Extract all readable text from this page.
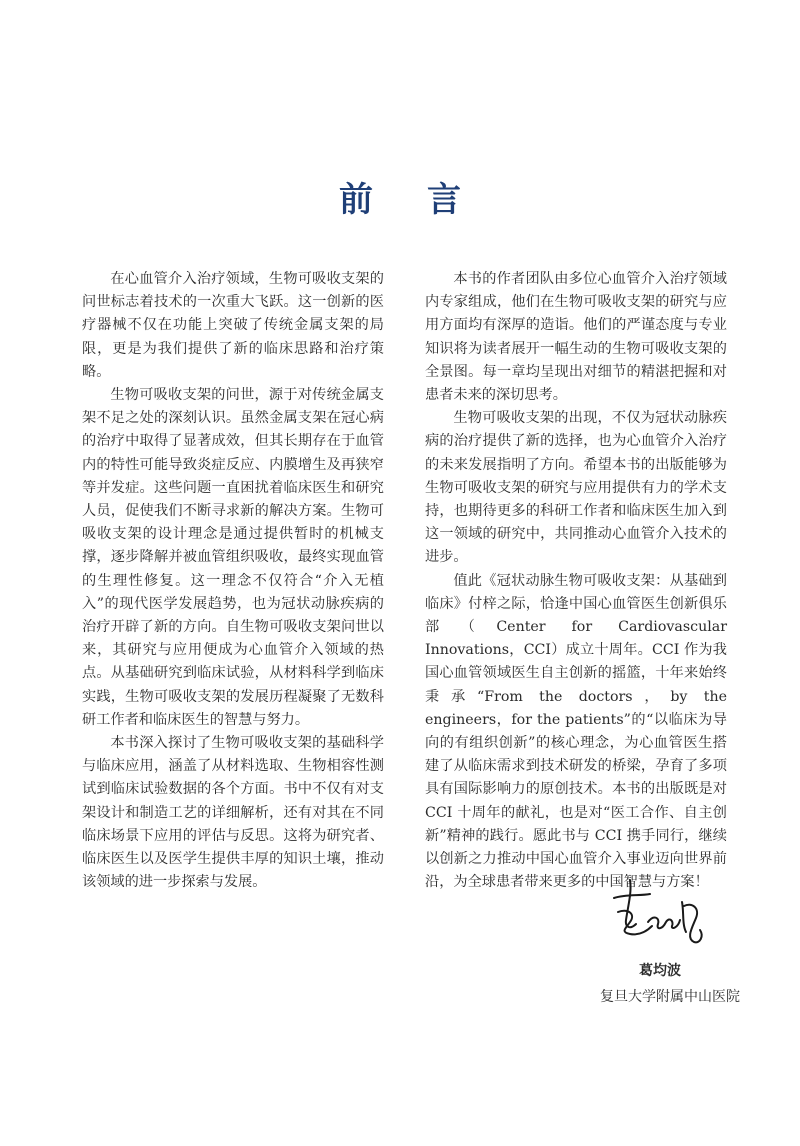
前 言

在心血管介入治疗领域，生物可吸收支架的问世标志着技术的一次重大飞跃。这一创新的医疗器械不仅在功能上突破了传统金属支架的局限，更是为我们提供了新的临床思路和治疗策略。

生物可吸收支架的问世，源于对传统金属支架不足之处的深刻认识。虽然金属支架在冠心病的治疗中取得了显著成效，但其长期存在于血管内的特性可能导致炎症反应、内膜增生及再狭窄等并发症。这些问题一直困扰着临床医生和研究人员，促使我们不断寻求新的解决方案。生物可吸收支架的设计理念是通过提供暂时的机械支撑，逐步降解并被血管组织吸收，最终实现血管的生理性修复。这一理念不仅符合“介入无植入”的现代医学发展趋势，也为冠状动脉疾病的治疗开辟了新的方向。自生物可吸收支架问世以来，其研究与应用便成为心血管介入领域的热点。从基础研究到临床试验，从材料科学到临床实践，生物可吸收支架的发展历程凝聚了无数科研工作者和临床医生的智慧与努力。

本书深入探讨了生物可吸收支架的基础科学与临床应用，涵盖了从材料选取、生物相容性测试到临床试验数据的各个方面。书中不仅有对支架设计和制造工艺的详细解析，还有对其在不同临床场景下应用的评估与反思。这将为研究者、临床医生以及医学生提供丰厚的知识土壤，推动该领域的进一步探索与发展。

本书的作者团队由多位心血管介入治疗领域内专家组成，他们在生物可吸收支架的研究与应用方面均有深厚的造诣。他们的严谨态度与专业知识将为读者展开一幅生动的生物可吸收支架的全景图。每一章均呈现出对细节的精湛把握和对患者未来的深切思考。

生物可吸收支架的出现，不仅为冠状动脉疾病的治疗提供了新的选择，也为心血管介入治疗的未来发展指明了方向。希望本书的出版能够为生物可吸收支架的研究与应用提供有力的学术支持，也期待更多的科研工作者和临床医生加入到这一领域的研究中，共同推动心血管介入技术的进步。

值此《冠状动脉生物可吸收支架：从基础到临床》付梓之际，恰逢中国心血管医生创新俱乐部（Center for Cardiovascular Innovations，CCI）成立十周年。CCI 作为我国心血管领域医生自主创新的摇篮，十年来始终秉承“From the doctors，by the engineers，for the patients”的“以临床为导向的有组织创新”的核心理念，为心血管医生搭建了从临床需求到技术研发的桥梁，孕育了多项具有国际影响力的原创技术。本书的出版既是对 CCI 十周年的献礼，也是对“医工合作、自主创新”精神的践行。愿此书与 CCI 携手同行，继续以创新之力推动中国心血管介入事业迈向世界前沿，为全球患者带来更多的中国智慧与方案！

葛均波
复旦大学附属中山医院
